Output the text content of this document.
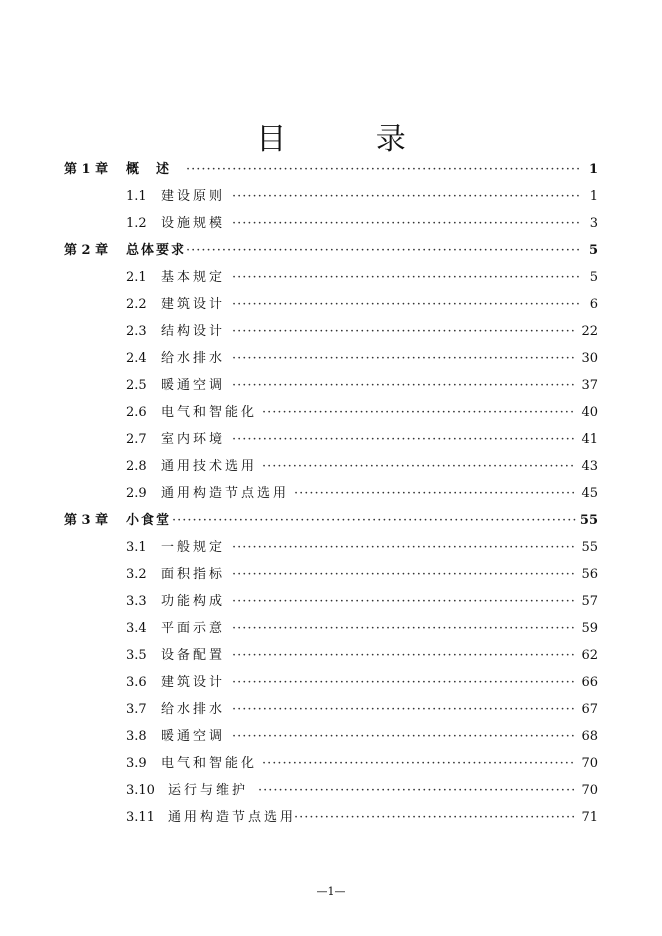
目 录
第 1 章 概　述 ·····	1
1.1 建设原则 ·····	1
1.2 设施规模 ·····	3
第 2 章 总体要求 ·····	5
2.1 基本规定 ·····	5
2.2 建筑设计 ·····	6
2.3 结构设计 ·····	22
2.4 给水排水 ·····	30
2.5 暖通空调 ·····	37
2.6 电气和智能化 ·····	40
2.7 室内环境 ·····	41
2.8 通用技术选用 ·····	43
2.9 通用构造节点选用 ·····	45
第 3 章 小食堂 ·····	55
3.1 一般规定 ·····	55
3.2 面积指标 ·····	56
3.3 功能构成 ·····	57
3.4 平面示意 ·····	59
3.5 设备配置 ·····	62
3.6 建筑设计 ·····	66
3.7 给水排水 ·····	67
3.8 暖通空调 ·····	68
3.9 电气和智能化 ·····	70
3.10 运行与维护 ·····	70
3.11 通用构造节点选用 ·····	71
—1—
